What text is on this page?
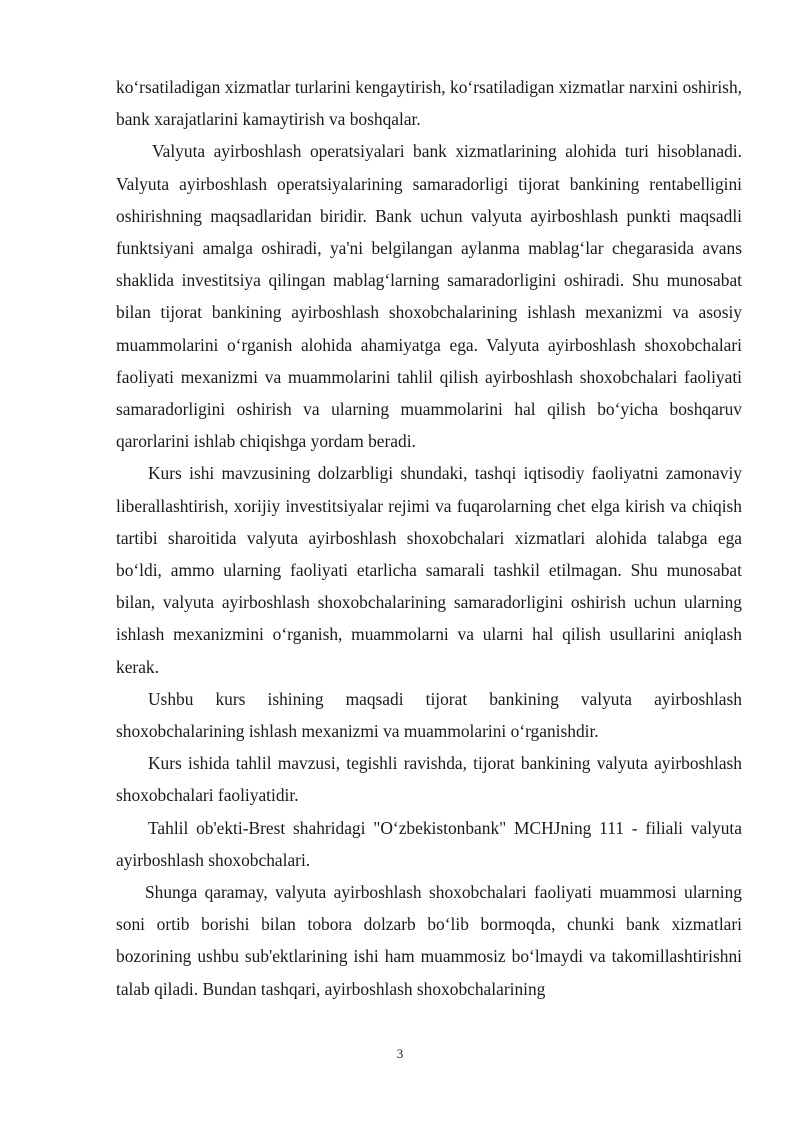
ko‘rsatiladigan xizmatlar turlarini kengaytirish, ko‘rsatiladigan xizmatlar narxini oshirish, bank xarajatlarini kamaytirish va boshqalar.

Valyuta ayirboshlash operatsiyalari bank xizmatlarining alohida turi hisoblanadi. Valyuta ayirboshlash operatsiyalarining samaradorligi tijorat bankining rentabelligini oshirishning maqsadlaridan biridir. Bank uchun valyuta ayirboshlash punkti maqsadli funktsiyani amalga oshiradi, ya'ni belgilangan aylanma mablag‘lar chegarasida avans shaklida investitsiya qilingan mablag‘larning samaradorligini oshiradi. Shu munosabat bilan tijorat bankining ayirboshlash shoxobchalarining ishlash mexanizmi va asosiy muammolarini o‘rganish alohida ahamiyatga ega. Valyuta ayirboshlash shoxobchalari faoliyati mexanizmi va muammolarini tahlil qilish ayirboshlash shoxobchalari faoliyati samaradorligini oshirish va ularning muammolarini hal qilish bo‘yicha boshqaruv qarorlarini ishlab chiqishga yordam beradi.

Kurs ishi mavzusining dolzarbligi shundaki, tashqi iqtisodiy faoliyatni zamonaviy liberallashtirish, xorijiy investitsiyalar rejimi va fuqarolarning chet elga kirish va chiqish tartibi sharoitida valyuta ayirboshlash shoxobchalari xizmatlari alohida talabga ega bo‘ldi, ammo ularning faoliyati etarlicha samarali tashkil etilmagan. Shu munosabat bilan, valyuta ayirboshlash shoxobchalarining samaradorligini oshirish uchun ularning ishlash mexanizmini o‘rganish, muammolarni va ularni hal qilish usullarini aniqlash kerak.

Ushbu kurs ishining maqsadi tijorat bankining valyuta ayirboshlash shoxobchalarining ishlash mexanizmi va muammolarini o‘rganishdir.

Kurs ishida tahlil mavzusi, tegishli ravishda, tijorat bankining valyuta ayirboshlash shoxobchalari faoliyatidir.

Tahlil ob'ekti-Brest shahridagi "O‘zbekistonbank" MCHJning 111 - filiali valyuta ayirboshlash shoxobchalari.

Shunga qaramay, valyuta ayirboshlash shoxobchalari faoliyati muammosi ularning soni ortib borishi bilan tobora dolzarb bo‘lib bormoqda, chunki bank xizmatlari bozorining ushbu sub'ektlarining ishi ham muammosiz bo‘lmaydi va takomillashtirishni talab qiladi. Bundan tashqari, ayirboshlash shoxobchalarining

3
